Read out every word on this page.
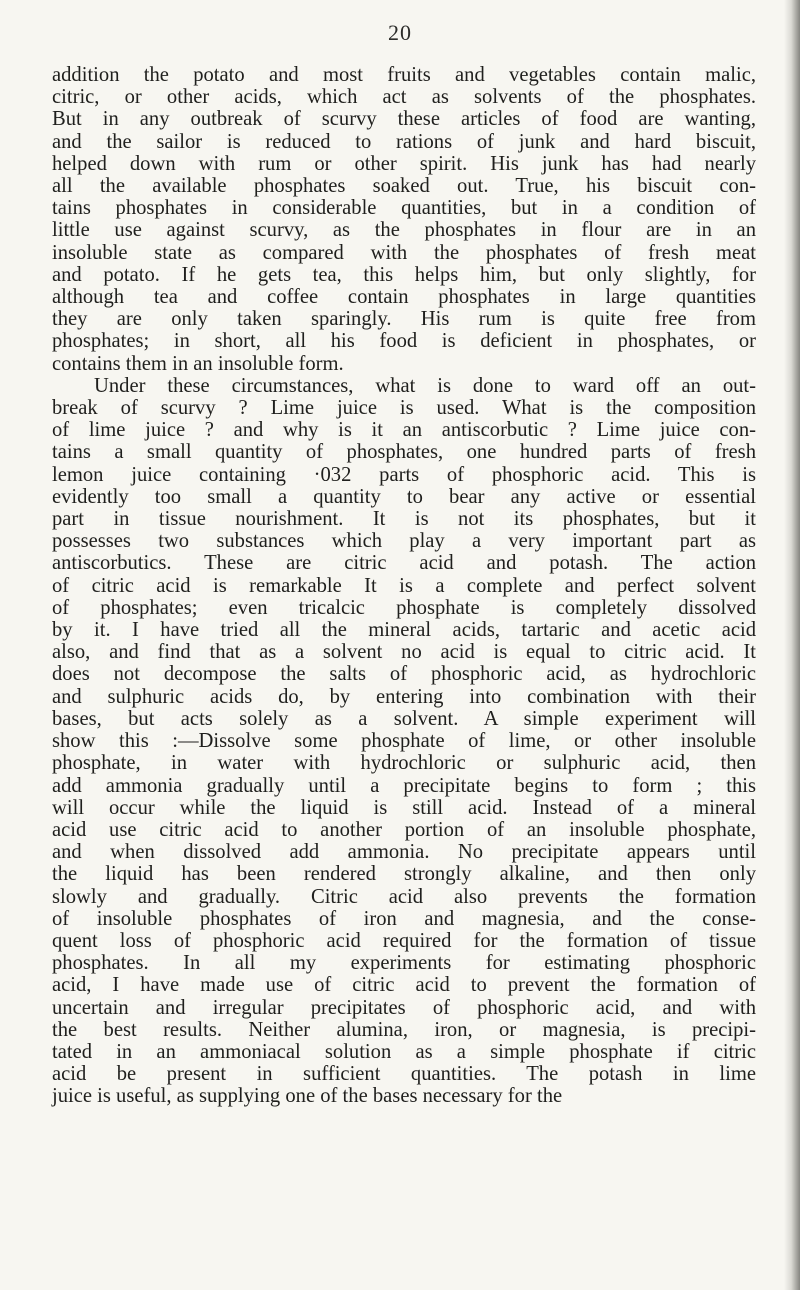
20
addition the potato and most fruits and vegetables contain malic,
citric, or other acids, which act as solvents of the phosphates.
But in any outbreak of scurvy these articles of food are wanting,
and the sailor is reduced to rations of junk and hard biscuit,
helped down with rum or other spirit. His junk has had nearly
all the available phosphates soaked out. True, his biscuit con-
tains phosphates in considerable quantities, but in a condition of
little use against scurvy, as the phosphates in flour are in an
insoluble state as compared with the phosphates of fresh meat
and potato. If he gets tea, this helps him, but only slightly, for
although tea and coffee contain phosphates in large quantities
they are only taken sparingly. His rum is quite free from
phosphates; in short, all his food is deficient in phosphates, or
contains them in an insoluble form.
Under these circumstances, what is done to ward off an out-
break of scurvy ? Lime juice is used. What is the composition
of lime juice ? and why is it an antiscorbutic ? Lime juice con-
tains a small quantity of phosphates, one hundred parts of fresh
lemon juice containing ·032 parts of phosphoric acid. This is
evidently too small a quantity to bear any active or essential
part in tissue nourishment. It is not its phosphates, but it
possesses two substances which play a very important part as
antiscorbutics. These are citric acid and potash. The action
of citric acid is remarkable It is a complete and perfect solvent
of phosphates; even tricalcic phosphate is completely dissolved
by it. I have tried all the mineral acids, tartaric and acetic acid
also, and find that as a solvent no acid is equal to citric acid. It
does not decompose the salts of phosphoric acid, as hydrochloric
and sulphuric acids do, by entering into combination with their
bases, but acts solely as a solvent. A simple experiment will
show this :—Dissolve some phosphate of lime, or other insoluble
phosphate, in water with hydrochloric or sulphuric acid, then
add ammonia gradually until a precipitate begins to form ; this
will occur while the liquid is still acid. Instead of a mineral
acid use citric acid to another portion of an insoluble phosphate,
and when dissolved add ammonia. No precipitate appears until
the liquid has been rendered strongly alkaline, and then only
slowly and gradually. Citric acid also prevents the formation
of insoluble phosphates of iron and magnesia, and the conse-
quent loss of phosphoric acid required for the formation of tissue
phosphates. In all my experiments for estimating phosphoric
acid, I have made use of citric acid to prevent the formation of
uncertain and irregular precipitates of phosphoric acid, and with
the best results. Neither alumina, iron, or magnesia, is precipi-
tated in an ammoniacal solution as a simple phosphate if citric
acid be present in sufficient quantities. The potash in lime
juice is useful, as supplying one of the bases necessary for the
